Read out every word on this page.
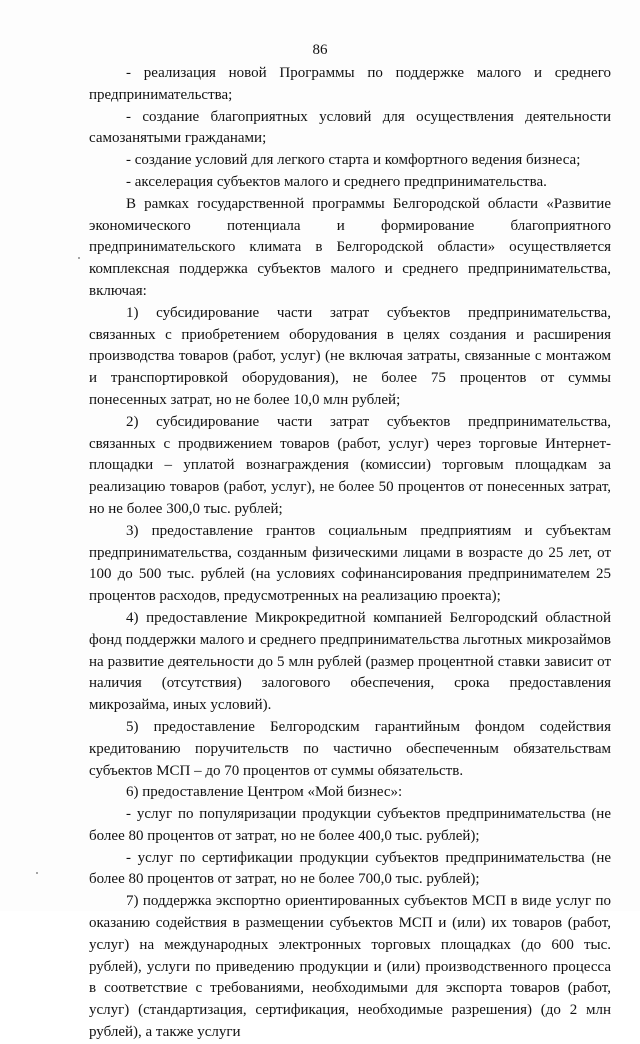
86

- реализация новой Программы по поддержке малого и среднего предпринимательства;

- создание благоприятных условий для осуществления деятельности самозанятыми гражданами;

- создание условий для легкого старта и комфортного ведения бизнеса;

- акселерация субъектов малого и среднего предпринимательства.

В рамках государственной программы Белгородской области «Развитие экономического потенциала и формирование благоприятного предпринимательского климата в Белгородской области» осуществляется комплексная поддержка субъектов малого и среднего предпринимательства, включая:

1) субсидирование части затрат субъектов предпринимательства, связанных с приобретением оборудования в целях создания и расширения производства товаров (работ, услуг) (не включая затраты, связанные с монтажом и транспортировкой оборудования), не более 75 процентов от суммы понесенных затрат, но не более 10,0 млн рублей;

2) субсидирование части затрат субъектов предпринимательства, связанных с продвижением товаров (работ, услуг) через торговые Интернет-площадки – уплатой вознаграждения (комиссии) торговым площадкам за реализацию товаров (работ, услуг), не более 50 процентов от понесенных затрат, но не более 300,0 тыс. рублей;

3) предоставление грантов социальным предприятиям и субъектам предпринимательства, созданным физическими лицами в возрасте до 25 лет, от 100 до 500 тыс. рублей (на условиях софинансирования предпринимателем 25 процентов расходов, предусмотренных на реализацию проекта);

4) предоставление Микрокредитной компанией Белгородский областной фонд поддержки малого и среднего предпринимательства льготных микрозаймов на развитие деятельности до 5 млн рублей (размер процентной ставки зависит от наличия (отсутствия) залогового обеспечения, срока предоставления микрозайма, иных условий).

5) предоставление Белгородским гарантийным фондом содействия кредитованию поручительств по частично обеспеченным обязательствам субъектов МСП – до 70 процентов от суммы обязательств.

6) предоставление Центром «Мой бизнес»:

- услуг по популяризации продукции субъектов предпринимательства (не более 80 процентов от затрат, но не более 400,0 тыс. рублей);

- услуг по сертификации продукции субъектов предпринимательства (не более 80 процентов от затрат, но не более 700,0 тыс. рублей);

7) поддержка экспортно ориентированных субъектов МСП в виде услуг по оказанию содействия в размещении субъектов МСП и (или) их товаров (работ, услуг) на международных электронных торговых площадках (до 600 тыс. рублей), услуги по приведению продукции и (или) производственного процесса в соответствие с требованиями, необходимыми для экспорта товаров (работ, услуг) (стандартизация, сертификация, необходимые разрешения) (до 2 млн рублей), а также услуги
